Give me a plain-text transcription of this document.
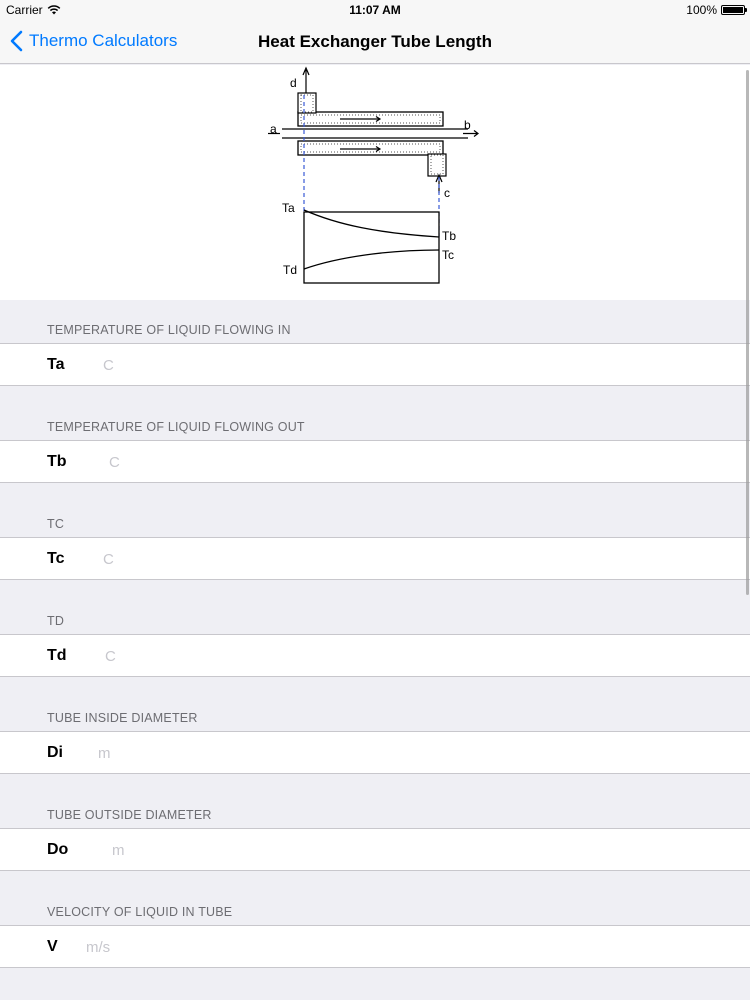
Carrier	11:07 AM	100%
Thermo Calculators	Heat Exchanger Tube Length
d
a	b
c
Ta
Tb
Tc
Td
TEMPERATURE OF LIQUID FLOWING IN
Ta
C
TEMPERATURE OF LIQUID FLOWING OUT
Tb
C
TC
Tc
C
TD
Td
C
TUBE INSIDE DIAMETER
Di
m
TUBE OUTSIDE DIAMETER
Do
m
VELOCITY OF LIQUID IN TUBE
V
m/s
